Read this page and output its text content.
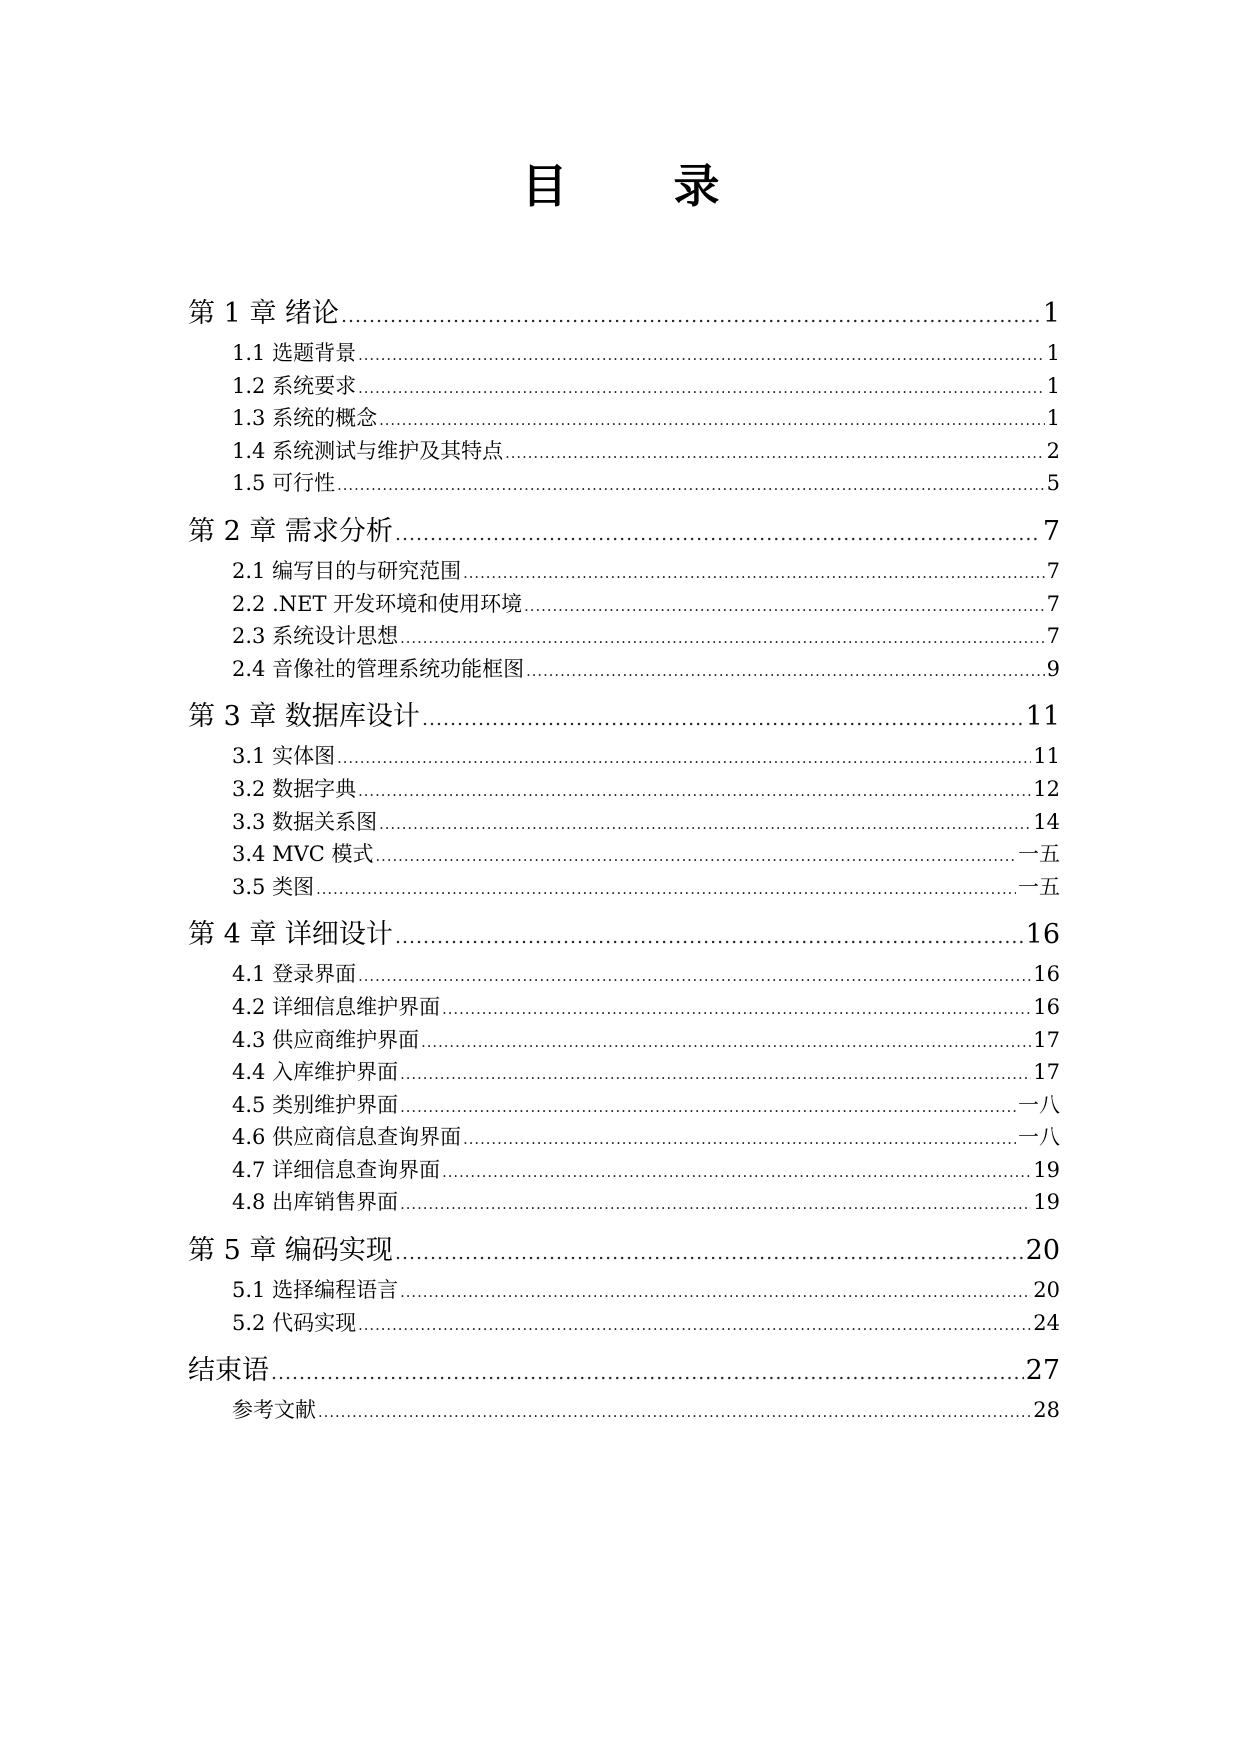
目　录
第 1 章 绪论 .....	1
1.1 选题背景 .....	1
1.2 系统要求 .....	1
1.3 系统的概念 .....	1
1.4 系统测试与维护及其特点 .....	2
1.5 可行性 .....	5
第 2 章 需求分析 .....	7
2.1 编写目的与研究范围 .....	7
2.2 .NET 开发环境和使用环境 .....	7
2.3 系统设计思想 .....	7
2.4 音像社的管理系统功能框图 .....	9
第 3 章 数据库设计 .....	11
3.1 实体图 .....	11
3.2 数据字典 .....	12
3.3 数据关系图 .....	14
3.4 MVC 模式 .....	一五
3.5 类图 .....	一五
第 4 章 详细设计 .....	16
4.1 登录界面 .....	16
4.2 详细信息维护界面 .....	16
4.3 供应商维护界面 .....	17
4.4 入库维护界面 .....	17
4.5 类别维护界面 .....	一八
4.6 供应商信息查询界面 .....	一八
4.7 详细信息查询界面 .....	19
4.8 出库销售界面 .....	19
第 5 章 编码实现 .....	20
5.1 选择编程语言 .....	20
5.2 代码实现 .....	24
结束语 .....	27
参考文献 .....	28
